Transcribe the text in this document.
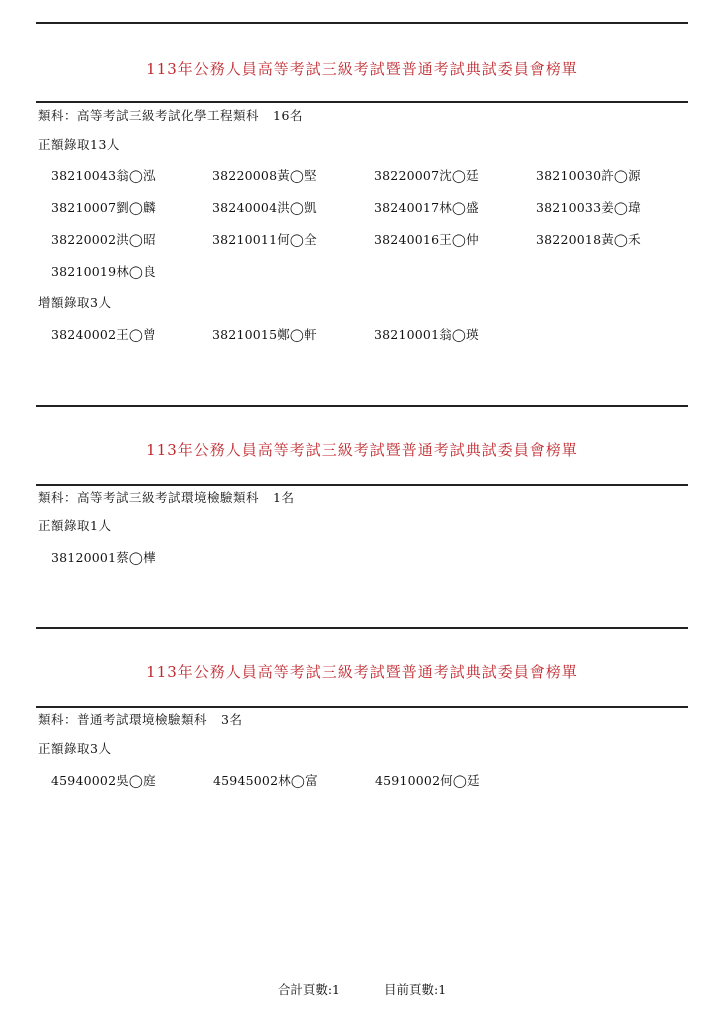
113年公務人員高等考試三級考試暨普通考試典試委員會榜單
類科：高等考試三級考試化學工程類科 16名
正額錄取13人
38210043翁◯泓	38220008黃◯堅	38220007沈◯廷	38210030許◯源
38210007劉◯麟	38240004洪◯凱	38240017林◯盛	38210033姜◯瑋
38220002洪◯昭	38210011何◯全	38240016王◯仲	38220018黃◯禾
38210019林◯良
增額錄取3人
38240002王◯曾	38210015鄭◯軒	38210001翁◯瑛
113年公務人員高等考試三級考試暨普通考試典試委員會榜單
類科：高等考試三級考試環境檢驗類科 1名
正額錄取1人
38120001蔡◯樺
113年公務人員高等考試三級考試暨普通考試典試委員會榜單
類科：普通考試環境檢驗類科 3名
正額錄取3人
45940002吳◯庭	45945002林◯富	45910002何◯廷
合計頁數:1	目前頁數:1
